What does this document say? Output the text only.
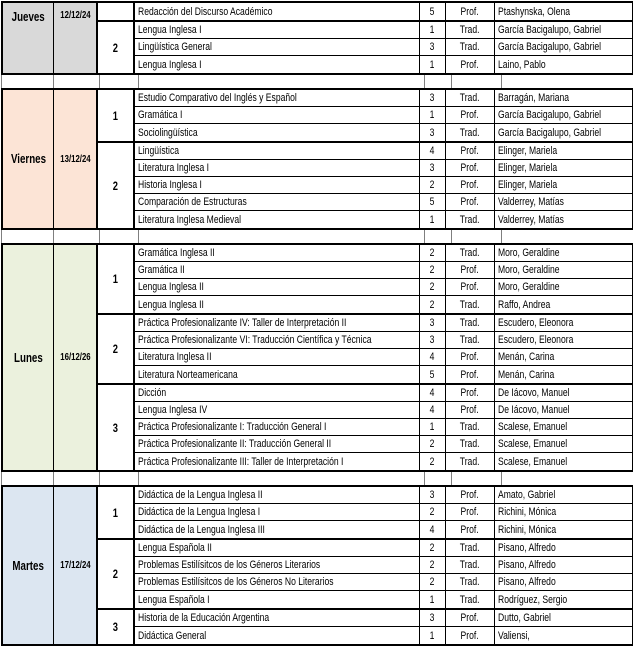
Jueves 12/12/24	Redacción del Discurso Académico	5 Prof. Ptashynska, Olena
2
Lengua Inglesa I	1 Trad. García Bacigalupo, Gabriel
Lingüística General	3 Trad. García Bacigalupo, Gabriel
Lengua Inglesa I	1 Prof. Laino, Pablo
Viernes 13/12/24
1
Estudio Comparativo del Inglés y Español	3 Trad. Barragán, Mariana
Gramática I	1 Prof. García Bacigalupo, Gabriel
Sociolingüística	3 Trad. García Bacigalupo, Gabriel
2
Lingüística	4 Prof. Elinger, Mariela
Literatura Inglesa I	3 Prof. Elinger, Mariela
Historia Inglesa I	2 Prof. Elinger, Mariela
Comparación de Estructuras	5 Prof. Valderrey, Matías
Literatura Inglesa Medieval	1 Trad. Valderrey, Matías
Lunes 16/12/26
1
Gramática Inglesa II	2 Trad. Moro, Geraldine
Gramática II	2 Prof. Moro, Geraldine
Lengua Inglesa II	2 Prof. Moro, Geraldine
Lengua Inglesa II	2 Trad. Raffo, Andrea
2
Práctica Profesionalizante IV: Taller de Interpretación II	3 Trad. Escudero, Eleonora
Práctica Profesionalizante VI: Traducción Científica y Técnica	3 Trad. Escudero, Eleonora
Literatura Inglesa II	4 Prof. Menán, Carina
Literatura Norteamericana	5 Prof. Menán, Carina
3
Dicción	4 Prof. De Iácovo, Manuel
Lengua Inglesa IV	4 Prof. De Iácovo, Manuel
Práctica Profesionalizante I: Traducción General I	1 Trad. Scalese, Emanuel
Práctica Profesionalizante II: Traducción General II	2 Trad. Scalese, Emanuel
Práctica Profesionalizante III: Taller de Interpretación I	2 Trad. Scalese, Emanuel
Martes 17/12/24
1
Didáctica de la Lengua Inglesa II	3 Prof. Amato, Gabriel
Didáctica de la Lengua Inglesa I	2 Prof. Richini, Mónica
Didáctica de la Lengua Inglesa III	4 Prof. Richini, Mónica
2
Lengua Española II	2 Trad. Pisano, Alfredo
Problemas Estilísitcos de los Géneros Literarios	2 Trad. Pisano, Alfredo
Problemas Estilísitcos de los Géneros No Literarios	2 Trad. Pisano, Alfredo
Lengua Española I	1 Trad. Rodríguez, Sergio
3
Historia de la Educación Argentina	3 Prof. Dutto, Gabriel
Didáctica General	1 Prof. Valiensi,
